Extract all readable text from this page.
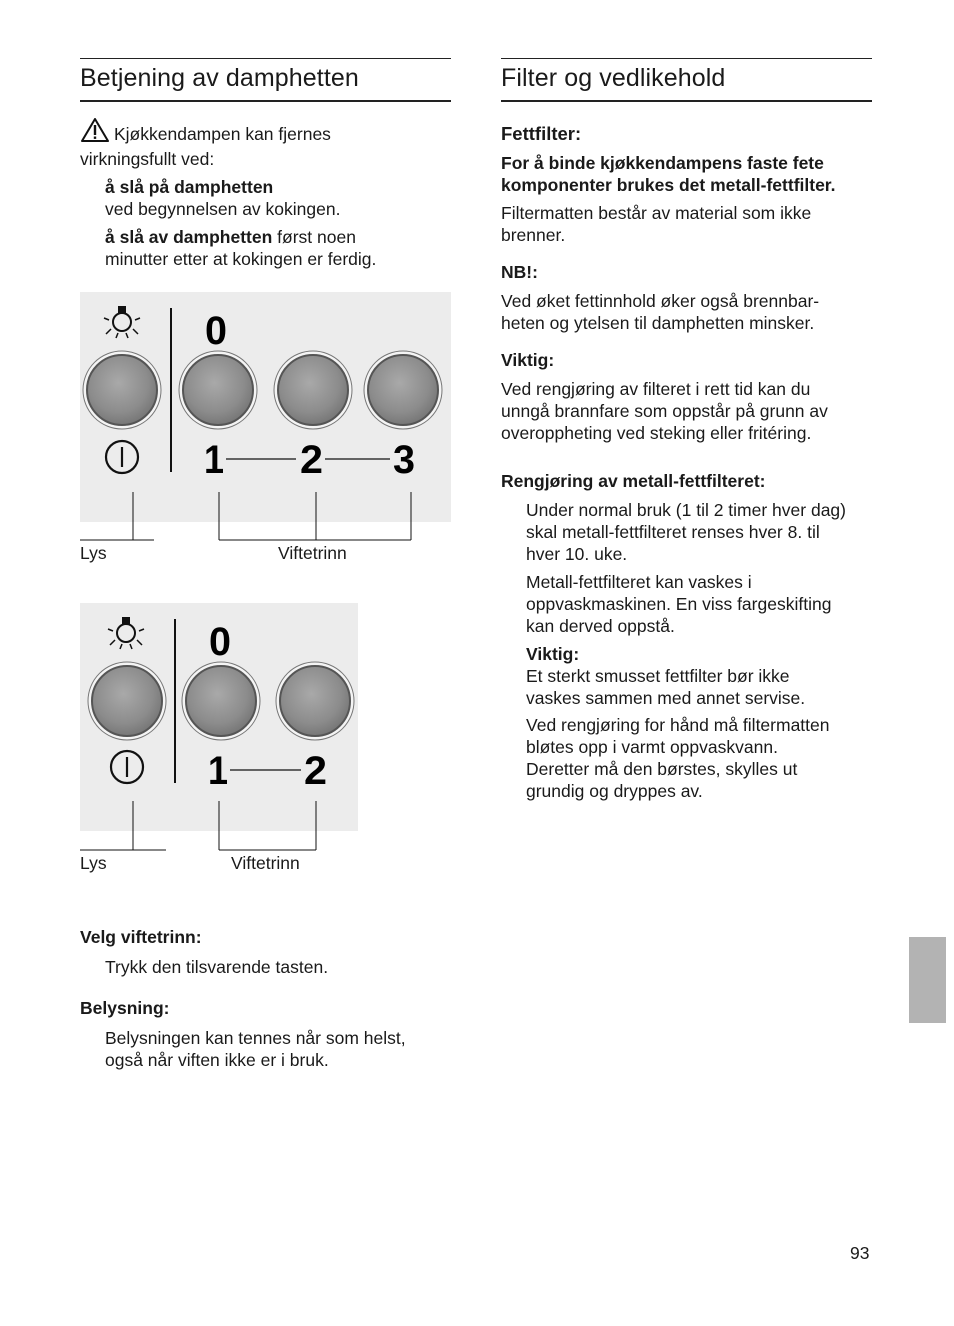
Betjening av damphetten
Kjøkkendampen kan fjernes
virkningsfullt ved:
å slå på damphetten
ved begynnelsen av kokingen.
å slå av damphetten først noen
minutter etter at kokingen er ferdig.
0
1 2 3
Lys	Viftetrinn
0
1 2
Lys	Viftetrinn
Velg viftetrinn:
Trykk den tilsvarende tasten.
Belysning:
Belysningen kan tennes når som helst,
også når viften ikke er i bruk.
Filter og vedlikehold
Fettfilter:
For å binde kjøkkendampens faste fete
komponenter brukes det metall-fettfilter.
Filtermatten består av material som ikke
brenner.
NB!:
Ved øket fettinnhold øker også brennbar-
heten og ytelsen til damphetten minsker.
Viktig:
Ved rengjøring av filteret i rett tid kan du
unngå brannfare som oppstår på grunn av
overoppheting ved steking eller fritéring.
Rengjøring av metall-fettfilteret:
Under normal bruk (1 til 2 timer hver dag)
skal metall-fettfilteret renses hver 8. til
hver 10. uke.
Metall-fettfilteret kan vaskes i
oppvaskmaskinen. En viss fargeskifting
kan derved oppstå.
Viktig:
Et sterkt smusset fettfilter bør ikke
vaskes sammen med annet servise.
Ved rengjøring for hånd må filtermatten
bløtes opp i varmt oppvaskvann.
Deretter må den børstes, skylles ut
grundig og dryppes av.
93
